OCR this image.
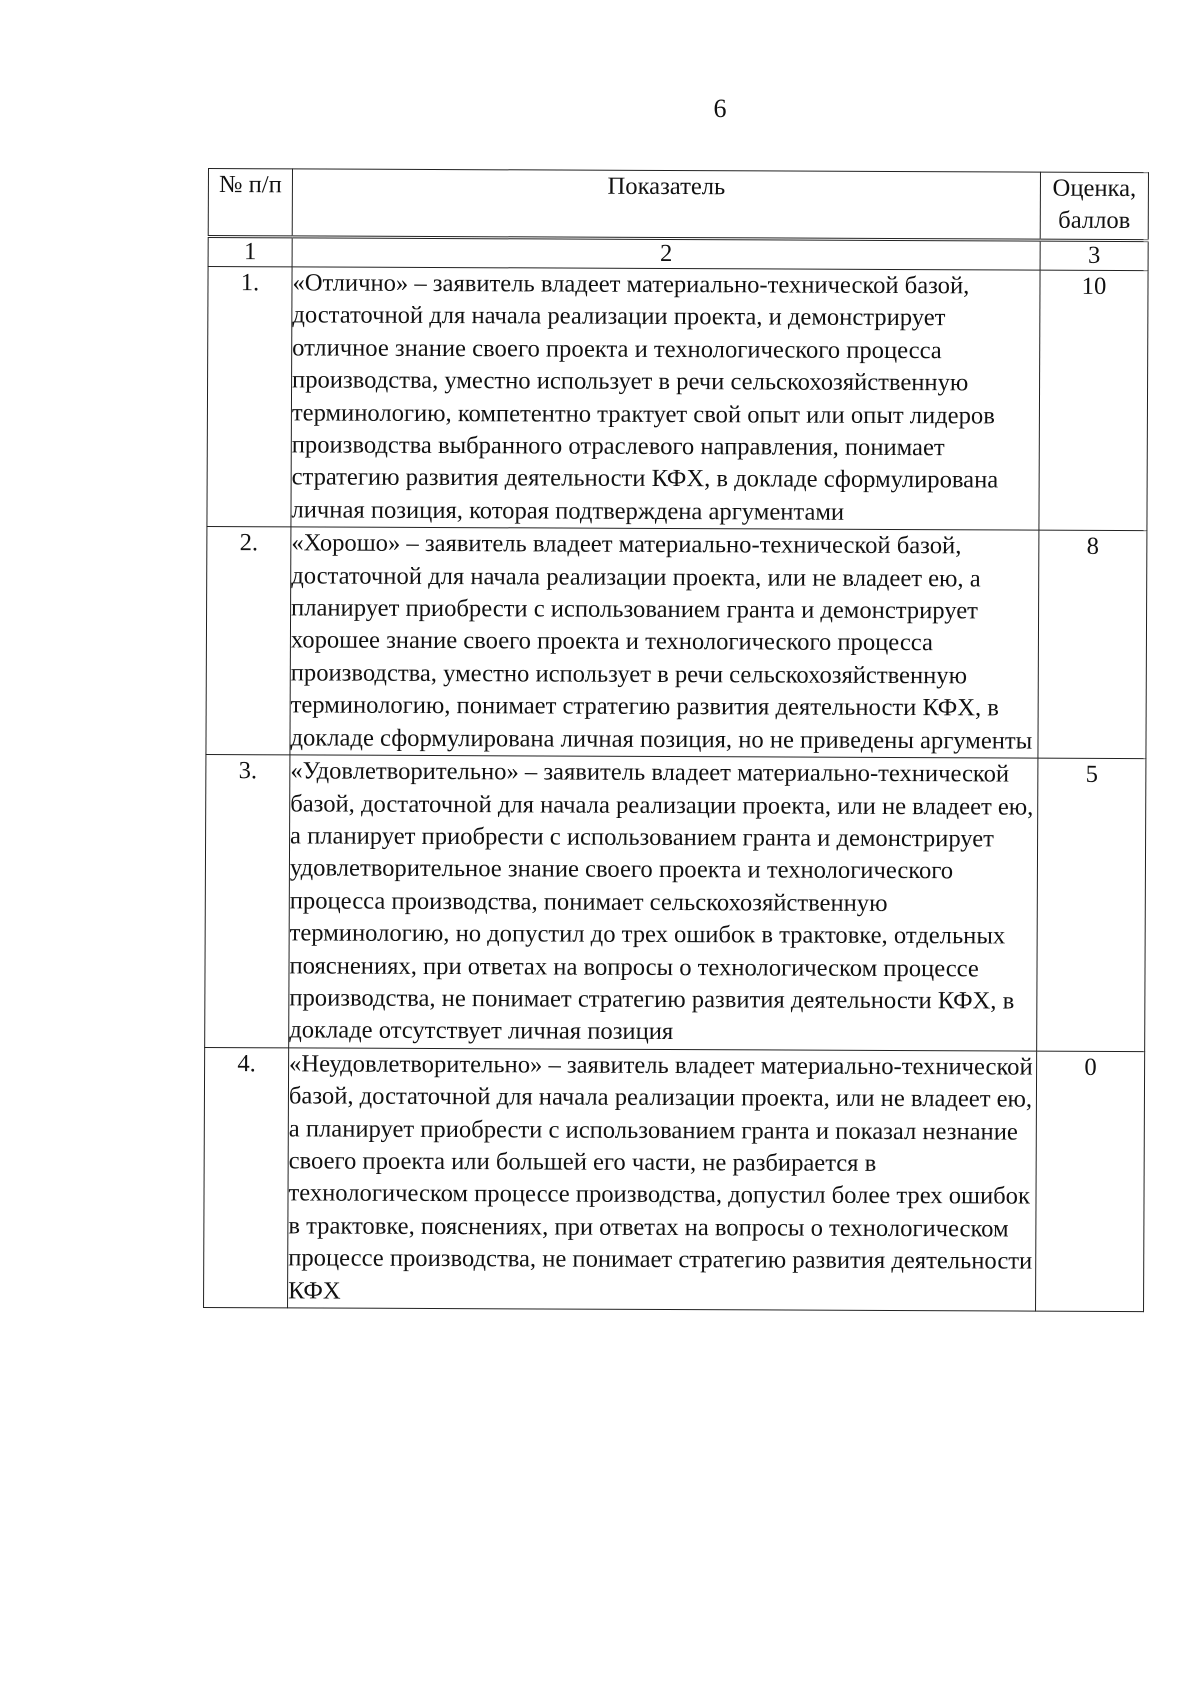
6
№ п/п	Показатель	Оценка, баллов
1	2	3
1.	«Отлично» – заявитель владеет материально-технической базой, достаточной для начала реализации проекта, и демонстрирует отличное знание своего проекта и технологического процесса производства, уместно использует в речи сельскохозяйственную терминологию, компетентно трактует свой опыт или опыт лидеров производства выбранного отраслевого направления, понимает стратегию развития деятельности КФХ, в докладе сформулирована личная позиция, которая подтверждена аргументами	10
2.	«Хорошо» – заявитель владеет материально-технической базой, достаточной для начала реализации проекта, или не владеет ею, а планирует приобрести с использованием гранта и демонстрирует хорошее знание своего проекта и технологического процесса производства, уместно использует в речи сельскохозяйственную терминологию, понимает стратегию развития деятельности КФХ, в докладе сформулирована личная позиция, но не приведены аргументы	8
3.	«Удовлетворительно» – заявитель владеет материально-технической базой, достаточной для начала реализации проекта, или не владеет ею, а планирует приобрести с использованием гранта и демонстрирует удовлетворительное знание своего проекта и технологического процесса производства, понимает сельскохозяйственную терминологию, но допустил до трех ошибок в трактовке, отдельных пояснениях, при ответах на вопросы о технологическом процессе производства, не понимает стратегию развития деятельности КФХ, в докладе отсутствует личная позиция	5
4.	«Неудовлетворительно» – заявитель владеет материально-технической базой, достаточной для начала реализации проекта, или не владеет ею, а планирует приобрести с использованием гранта и показал незнание своего проекта или большей его части, не разбирается в технологическом процессе производства, допустил более трех ошибок в трактовке, пояснениях, при ответах на вопросы о технологическом процессе производства, не понимает стратегию развития деятельности КФХ	0
